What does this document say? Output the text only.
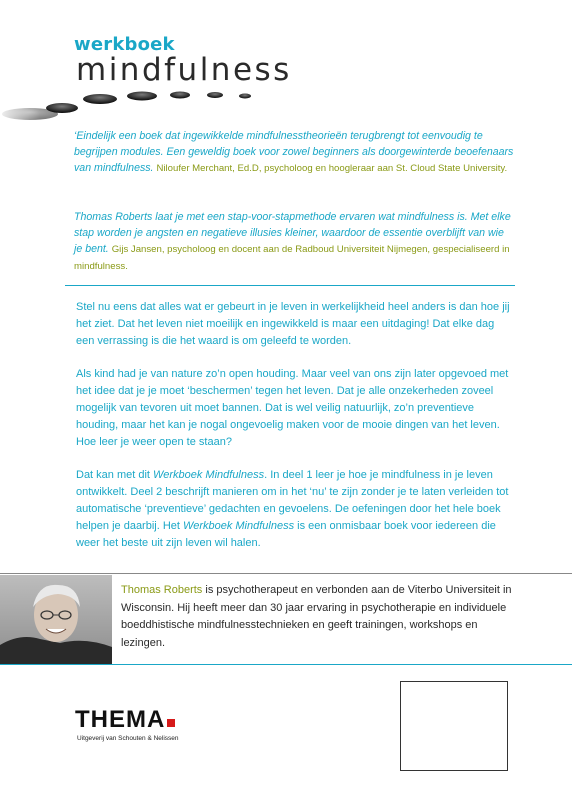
werkboek
mindfulness
‘Eindelijk een boek dat ingewikkelde mindfulnesstheorieën terugbrengt tot eenvoudig te begrijpen modules. Een geweldig boek voor zowel beginners als doorgewinterde beoefenaars van mindfulness. Niloufer Merchant, Ed.D, psycholoog en hoogleraar aan St. Cloud State University.
Thomas Roberts laat je met een stap-voor-stapmethode ervaren wat mindfulness is. Met elke stap worden je angsten en negatieve illusies kleiner, waardoor de essentie overblijft van wie je bent. Gijs Jansen, psycholoog en docent aan de Radboud Universiteit Nijmegen, gespecialiseerd in mindfulness.

Stel nu eens dat alles wat er gebeurt in je leven in werkelijkheid heel anders is dan hoe jij het ziet. Dat het leven niet moeilijk en ingewikkeld is maar een uitdaging! Dat elke dag een verrassing is die het waard is om geleefd te worden.

Als kind had je van nature zo’n open houding. Maar veel van ons zijn later opgevoed met het idee dat je je moet ‘beschermen’ tegen het leven. Dat je alle onzekerheden zoveel mogelijk van tevoren uit moet bannen. Dat is wel veilig natuurlijk, zo’n preventieve houding, maar het kan je nogal ongevoelig maken voor de mooie dingen van het leven. Hoe leer je weer open te staan?

Dat kan met dit Werkboek Mindfulness. In deel 1 leer je hoe je mindfulness in je leven ontwikkelt. Deel 2 beschrijft manieren om in het ‘nu’ te zijn zonder je te laten verleiden tot automatische ‘preventieve’ gedachten en gevoelens. De oefeningen door het hele boek helpen je daarbij. Het Werkboek Mindfulness is een onmisbaar boek voor iedereen die weer het beste uit zijn leven wil halen.

Thomas Roberts is psychotherapeut en verbonden aan de Viterbo Universiteit in Wisconsin. Hij heeft meer dan 30 jaar ervaring in psychotherapie en individuele boeddhistische mindfulnesstechnieken en geeft trainingen, workshops en lezingen.
THEMA
Uitgeverij van Schouten & Nelissen
